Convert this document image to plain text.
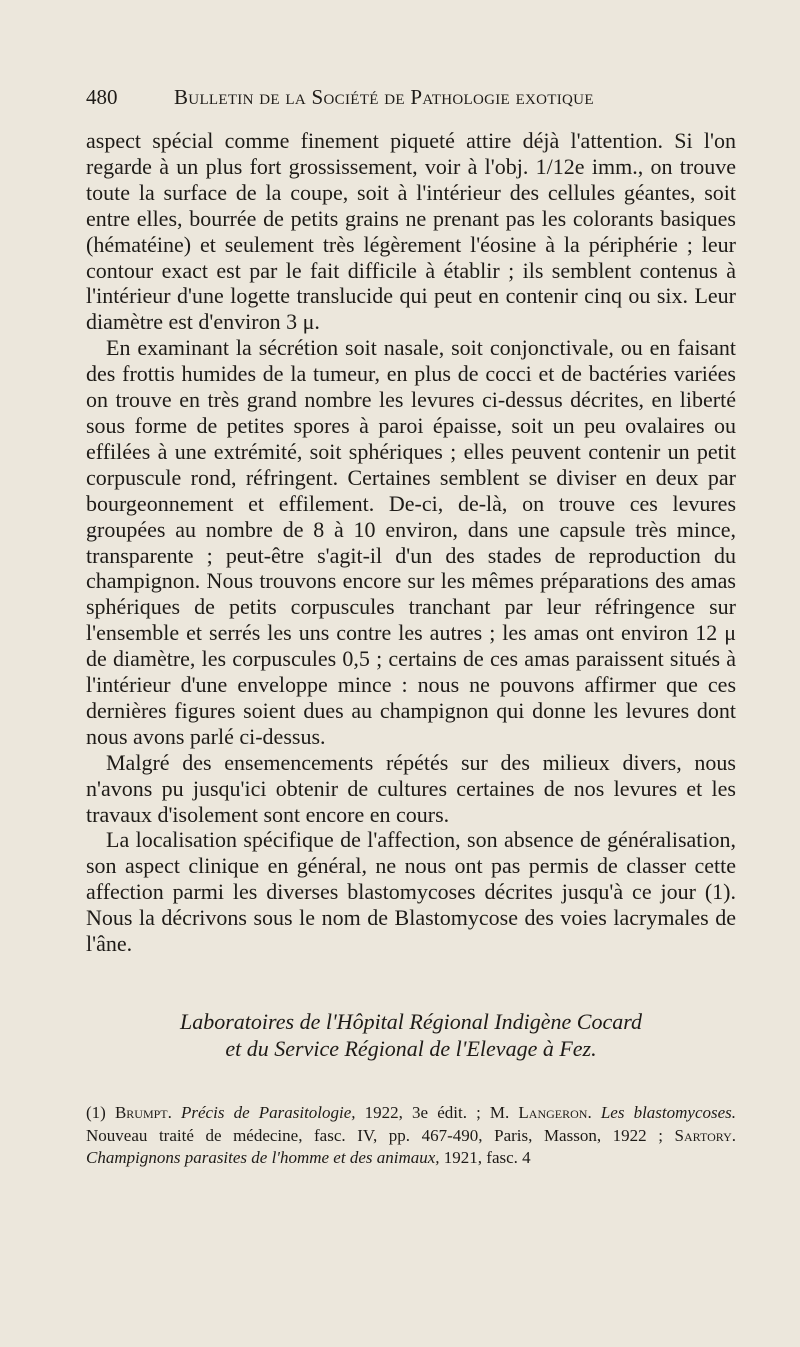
480	Bulletin de la Société de Pathologie exotique

aspect spécial comme finement piqueté attire déjà l'attention. Si l'on regarde à un plus fort grossissement, voir à l'obj. 1/12e imm., on trouve toute la surface de la coupe, soit à l'intérieur des cellules géantes, soit entre elles, bourrée de petits grains ne prenant pas les colorants basiques (hématéine) et seulement très légèrement l'éosine à la périphérie ; leur contour exact est par le fait difficile à établir ; ils semblent contenus à l'intérieur d'une logette translucide qui peut en contenir cinq ou six. Leur diamètre est d'environ 3 μ.

En examinant la sécrétion soit nasale, soit conjonctivale, ou en faisant des frottis humides de la tumeur, en plus de cocci et de bactéries variées on trouve en très grand nombre les levures ci-dessus décrites, en liberté sous forme de petites spores à paroi épaisse, soit un peu ovalaires ou effilées à une extrémité, soit sphériques ; elles peuvent contenir un petit corpuscule rond, réfringent. Certaines semblent se diviser en deux par bourgeonnement et effilement. De-ci, de-là, on trouve ces levures groupées au nombre de 8 à 10 environ, dans une capsule très mince, transparente ; peut-être s'agit-il d'un des stades de reproduction du champignon. Nous trouvons encore sur les mêmes préparations des amas sphériques de petits corpuscules tranchant par leur réfringence sur l'ensemble et serrés les uns contre les autres ; les amas ont environ 12 μ de diamètre, les corpuscules 0,5 ; certains de ces amas paraissent situés à l'intérieur d'une enveloppe mince : nous ne pouvons affirmer que ces dernières figures soient dues au champignon qui donne les levures dont nous avons parlé ci-dessus.

Malgré des ensemencements répétés sur des milieux divers, nous n'avons pu jusqu'ici obtenir de cultures certaines de nos levures et les travaux d'isolement sont encore en cours.

La localisation spécifique de l'affection, son absence de généralisation, son aspect clinique en général, ne nous ont pas permis de classer cette affection parmi les diverses blastomycoses décrites jusqu'à ce jour (1). Nous la décrivons sous le nom de Blastomycose des voies lacrymales de l'âne.

Laboratoires de l'Hôpital Régional Indigène Cocard
et du Service Régional de l'Elevage à Fez.
(1) Brumpt. Précis de Parasitologie, 1922, 3e édit. ; M. Langeron. Les blastomycoses. Nouveau traité de médecine, fasc. IV, pp. 467-490, Paris, Masson, 1922 ; Sartory. Champignons parasites de l'homme et des animaux, 1921, fasc. 4
